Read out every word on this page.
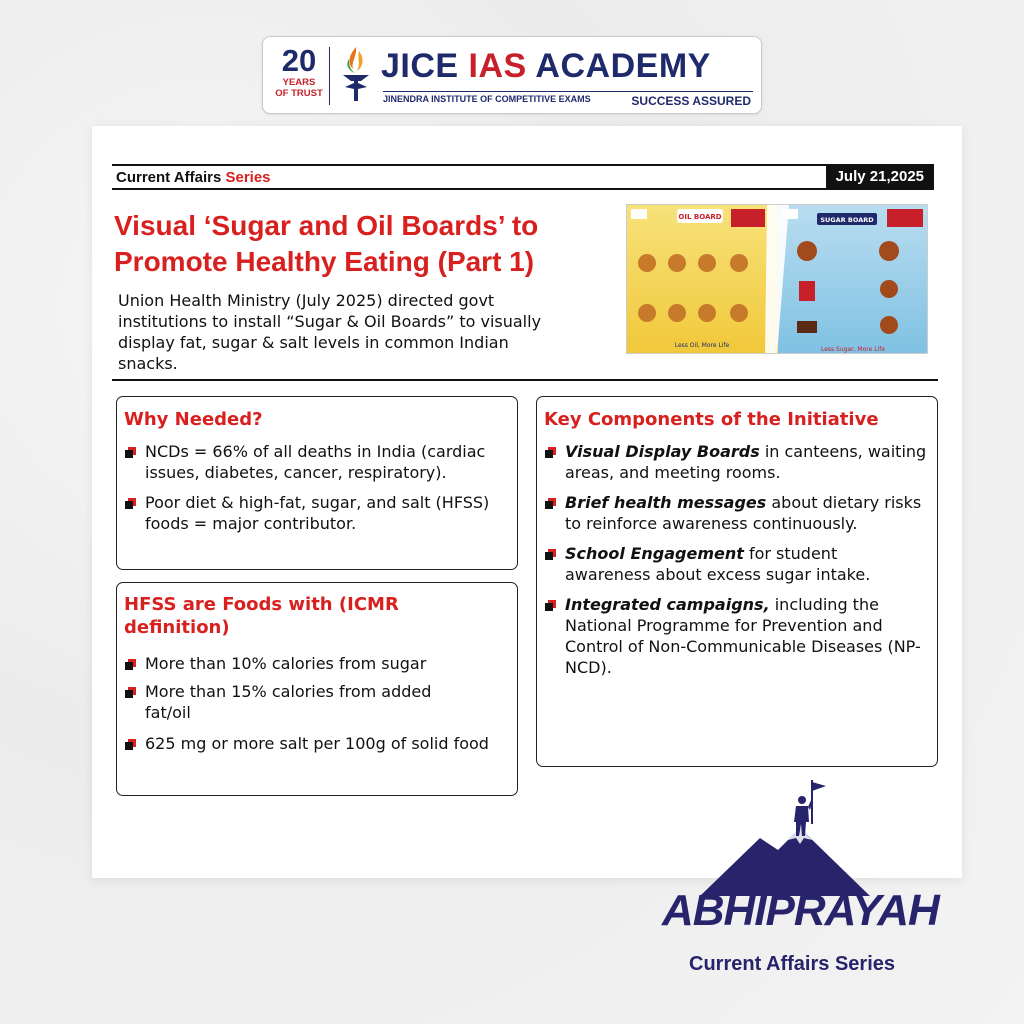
20
YEARS
OF TRUST
JICE IAS ACADEMY
JINENDRA INSTITUTE OF COMPETITIVE EXAMS	SUCCESS ASSURED
Current Affairs Series	July 21,2025
Visual ‘Sugar and Oil Boards’ to Promote Healthy Eating (Part 1)
Union Health Ministry (July 2025) directed govt institutions to install “Sugar & Oil Boards” to visually display fat, sugar & salt levels in common Indian snacks.
OIL BOARD	SUGAR BOARD
Less Oil, More Life
Less Sugar, More Life
Why Needed?
NCDs = 66% of all deaths in India (cardiac issues, diabetes, cancer, respiratory).
Poor diet & high-fat, sugar, and salt (HFSS) foods = major contributor.
HFSS are Foods with (ICMR definition)
More than 10% calories from sugar
More than 15% calories from added fat/oil
625 mg or more salt per 100g of solid food
Key Components of the Initiative
Visual Display Boards in canteens, waiting areas, and meeting rooms.
Brief health messages about dietary risks to reinforce awareness continuously.
School Engagement for student awareness about excess sugar intake.
Integrated campaigns, including the National Programme for Prevention and Control of Non-Communicable Diseases (NP-NCD).
ABHIPRAYAH
Current Affairs Series
